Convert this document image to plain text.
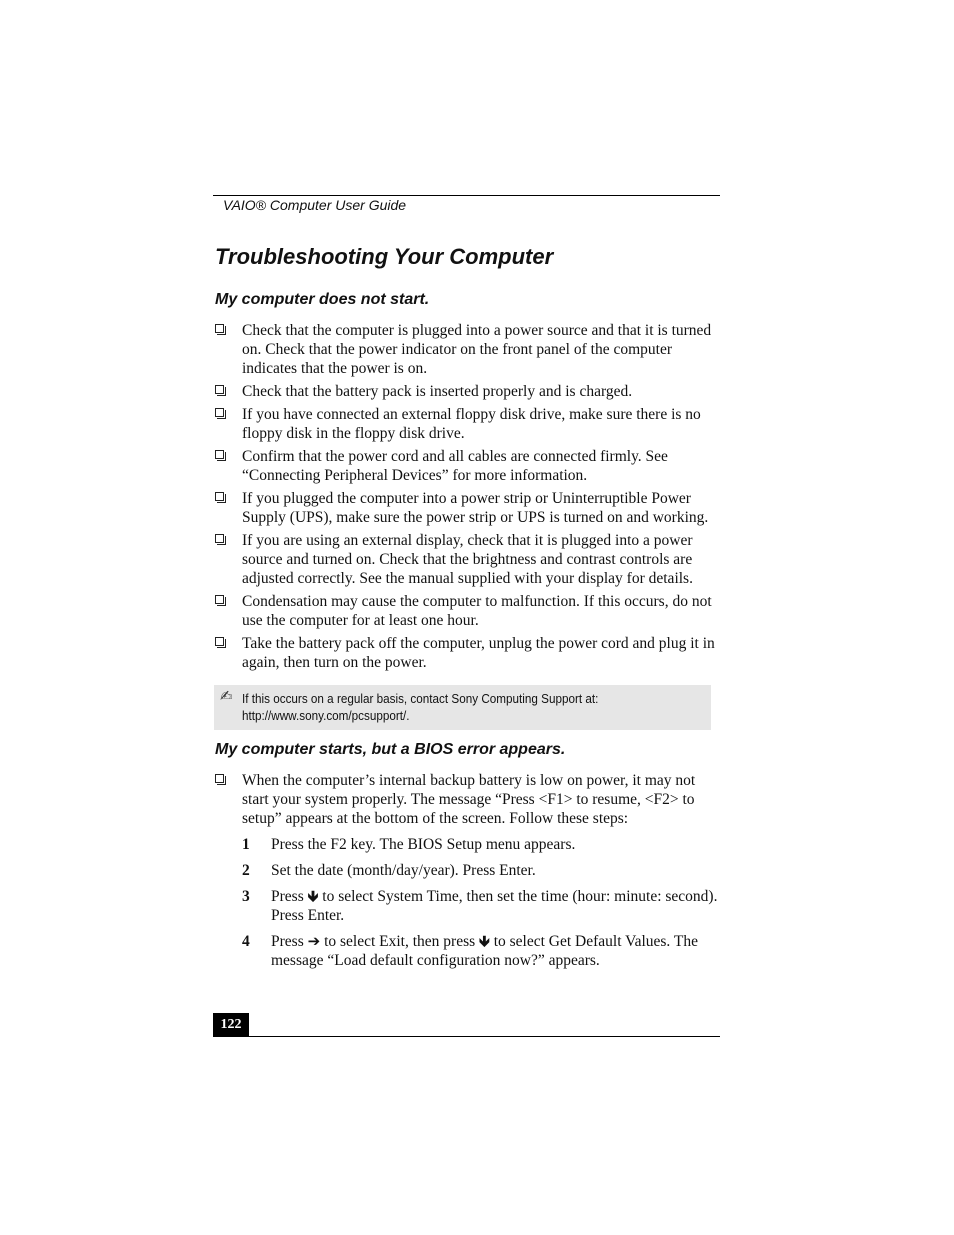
VAIO® Computer User Guide
Troubleshooting Your Computer
My computer does not start.
Check that the computer is plugged into a power source and that it is turned on. Check that the power indicator on the front panel of the computer indicates that the power is on.
Check that the battery pack is inserted properly and is charged.
If you have connected an external floppy disk drive, make sure there is no floppy disk in the floppy disk drive.
Confirm that the power cord and all cables are connected firmly. See “Connecting Peripheral Devices” for more information.
If you plugged the computer into a power strip or Uninterruptible Power Supply (UPS), make sure the power strip or UPS is turned on and working.
If you are using an external display, check that it is plugged into a power source and turned on. Check that the brightness and contrast controls are adjusted correctly. See the manual supplied with your display for details.
Condensation may cause the computer to malfunction. If this occurs, do not use the computer for at least one hour.
Take the battery pack off the computer, unplug the power cord and plug it in again, then turn on the power.
✍ If this occurs on a regular basis, contact Sony Computing Support at:
http://www.sony.com/pcsupport/.
My computer starts, but a BIOS error appears.
When the computer’s internal backup battery is low on power, it may not start your system properly. The message “Press <F1> to resume, <F2> to setup” appears at the bottom of the screen. Follow these steps:
1 Press the F2 key. The BIOS Setup menu appears.
2 Set the date (month/day/year). Press Enter.
3 Press 🡻 to select System Time, then set the time (hour: minute: second). Press Enter.
4 Press ➔ to select Exit, then press 🡻 to select Get Default Values. The message “Load default configuration now?” appears.
122
